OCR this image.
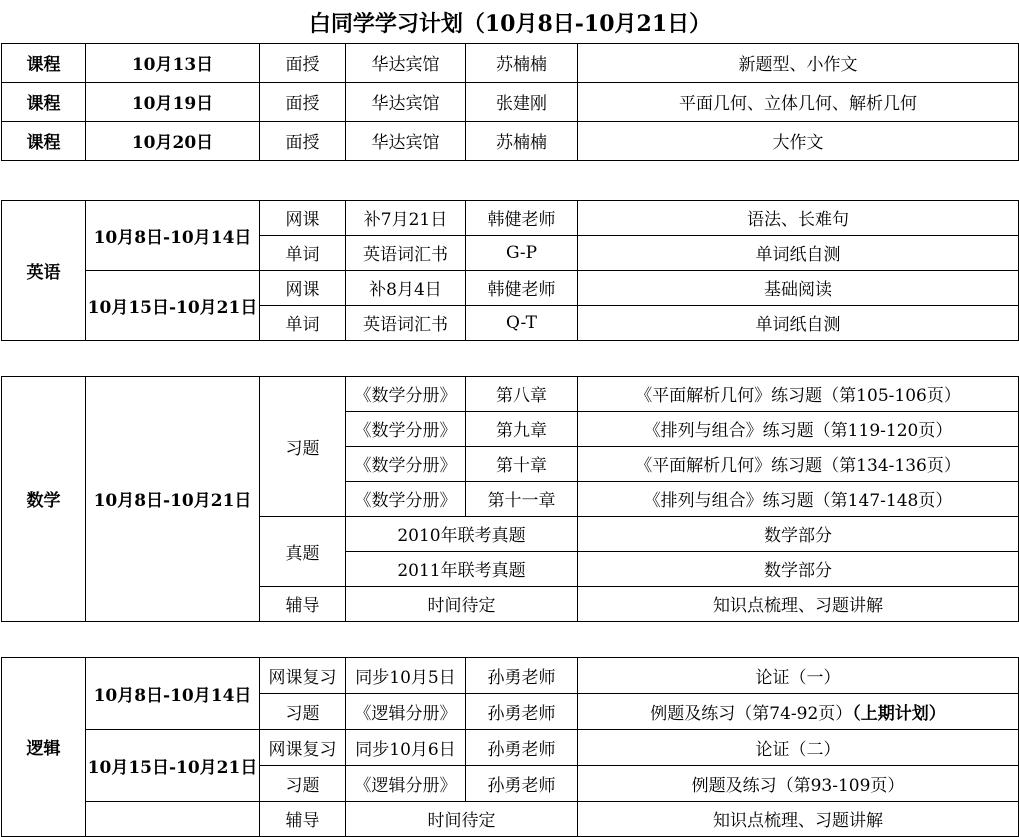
白同学学习计划（10月8日-10月21日）					
课程	10月13日	面授	华达宾馆	苏楠楠	新题型、小作文
课程	10月19日	面授	华达宾馆	张建刚	平面几何、立体几何、解析几何
课程	10月20日	面授	华达宾馆	苏楠楠	大作文

英语	10月8日-10月14日	网课	补7月21日	韩健老师	语法、长难句
		单词	英语词汇书	G-P	单词纸自测
	10月15日-10月21日	网课	补8月4日	韩健老师	基础阅读
		单词	英语词汇书	Q-T	单词纸自测

数学	10月8日-10月21日	习题	《数学分册》	第八章	《平面解析几何》练习题（第105-106页）
			《数学分册》	第九章	《排列与组合》练习题（第119-120页）
			《数学分册》	第十章	《平面解析几何》练习题（第134-136页）
			《数学分册》	第十一章	《排列与组合》练习题（第147-148页）
		真题	2010年联考真题		数学部分
			2011年联考真题		数学部分
		辅导	时间待定		知识点梳理、习题讲解

逻辑	10月8日-10月14日	网课复习	同步10月5日	孙勇老师	论证（一）
		习题	《逻辑分册》	孙勇老师	例题及练习（第74-92页）（上期计划）
	10月15日-10月21日	网课复习	同步10月6日	孙勇老师	论证（二）
		习题	《逻辑分册》	孙勇老师	例题及练习（第93-109页）
		辅导	时间待定		知识点梳理、习题讲解
